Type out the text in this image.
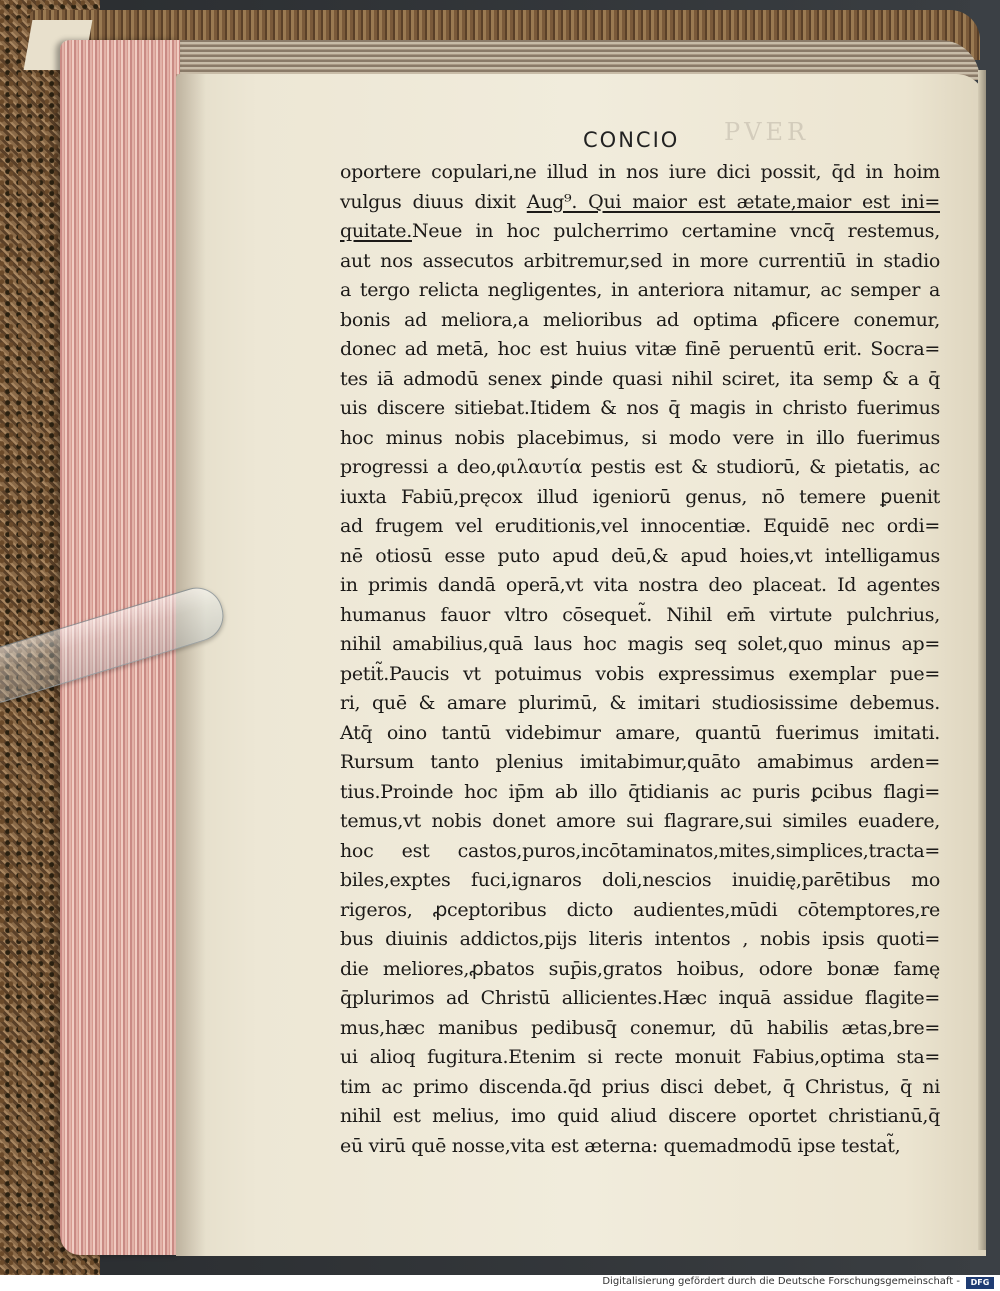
PVER
CONCIO
oportere copulari,ne illud in nos iure dici possit, q̄d in hoim
vulgus diuus dixit Aug⁹. Qui maior est ætate,maior est ini=
quitate.Neue in hoc pulcherrimo certamine vncq̄ restemus,
aut nos assecutos arbitremur,sed in more currentiū in stadio
a tergo relicta negligentes, in anteriora nitamur, ac semper a
bonis ad meliora,a melioribus ad optima ꝓficere conemur,
donec ad metā, hoc est huius vitæ finē peruentū erit. Socra=
tes iā admodū senex ꝑinde quasi nihil sciret, ita semp & a q̄
uis discere sitiebat.Itidem & nos q̄ magis in christo fuerimus
hoc minus nobis placebimus, si modo vere in illo fuerimus
progressi a deo,φιλαυτία pestis est & studiorū, & pietatis, ac
iuxta Fabiū,pręcox illud igeniorū genus, nō temere ꝑuenit
ad frugem vel eruditionis,vel innocentiæ. Equidē nec ordi=
nē otiosū esse puto apud deū,& apud hoies,vt intelligamus
in primis dandā operā,vt vita nostra deo placeat. Id agentes
humanus fauor vltro cōsequet̃. Nihil em̄ virtute pulchrius,
nihil amabilius,quā laus hoc magis seq solet,quo minus ap=
petit̃.Paucis vt potuimus vobis expressimus exemplar pue=
ri, quē & amare plurimū, & imitari studiosissime debemus.
Atq̄ oino tantū videbimur amare, quantū fuerimus imitati.
Rursum tanto plenius imitabimur,quāto amabimus arden=
tius.Proinde hoc ip̄m ab illo q̄tidianis ac puris ꝑcibus flagi=
temus,vt nobis donet amore sui flagrare,sui similes euadere,
hoc est castos,puros,incōtaminatos,mites,simplices,tracta=
biles,exptes fuci,ignaros doli,nescios inuidię,parētibus mo
rigeros, ꝓceptoribus dicto audientes,mūdi cōtemptores,re
bus diuinis addictos,pijs literis intentos , nobis ipsis quoti=
die meliores,ꝓbatos sup̄is,gratos hoibus, odore bonæ famę
q̄plurimos ad Christū allicientes.Hæc inquā assidue flagite=
mus,hæc manibus pedibusq̄ conemur, dū habilis ætas,bre=
ui alioq fugitura.Etenim si recte monuit Fabius,optima sta=
tim ac primo discenda.q̄d prius disci debet, q̄ Christus, q̄ ni
nihil est melius, imo quid aliud discere oportet christianū,q̄
eū virū quē nosse,vita est æterna: quemadmodū ipse testat̃,
Digitalisierung gefördert durch die Deutsche Forschungsgemeinschaft -	DFG
